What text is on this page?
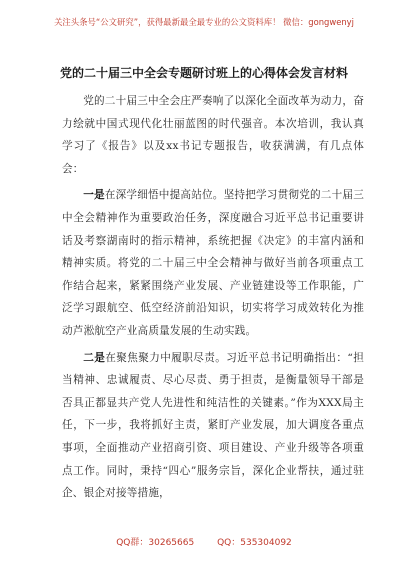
关注头条号“公文研究”，获得最新最全最专业的公文资料库！ 微信：gongwenyj
党的二十届三中全会专题研讨班上的心得体会发言材料

党的二十届三中全会庄严奏响了以深化全面改革为动力，奋力绘就中国式现代化壮丽蓝图的时代强音。本次培训，我认真学习了《报告》以及xx书记专题报告，收获满满，有几点体会：

一是在深学细悟中提高站位。坚持把学习贯彻党的二十届三中全会精神作为重要政治任务，深度融合习近平总书记重要讲话及考察湖南时的指示精神，系统把握《决定》的丰富内涵和精神实质。将党的二十届三中全会精神与做好当前各项重点工作结合起来，紧紧围绕产业发展、产业链建设等工作职能，广泛学习跟航空、低空经济前沿知识，切实将学习成效转化为推动芦淞航空产业高质量发展的生动实践。

二是在聚焦聚力中履职尽责。习近平总书记明确指出：“担当精神、忠诚履责、尽心尽责、勇于担责，是衡量领导干部是否具正都显共产党人先进性和纯洁性的关键素。”作为XXX局主任，下一步，我将抓好主责，紧盯产业发展，加大调度各重点事项，全面推动产业招商引资、项目建设、产业升级等各项重点工作。同时，秉持“四心”服务宗旨，深化企业帮扶，通过驻企、银企对接等措施，

QQ群：30265665	QQ：535304092
